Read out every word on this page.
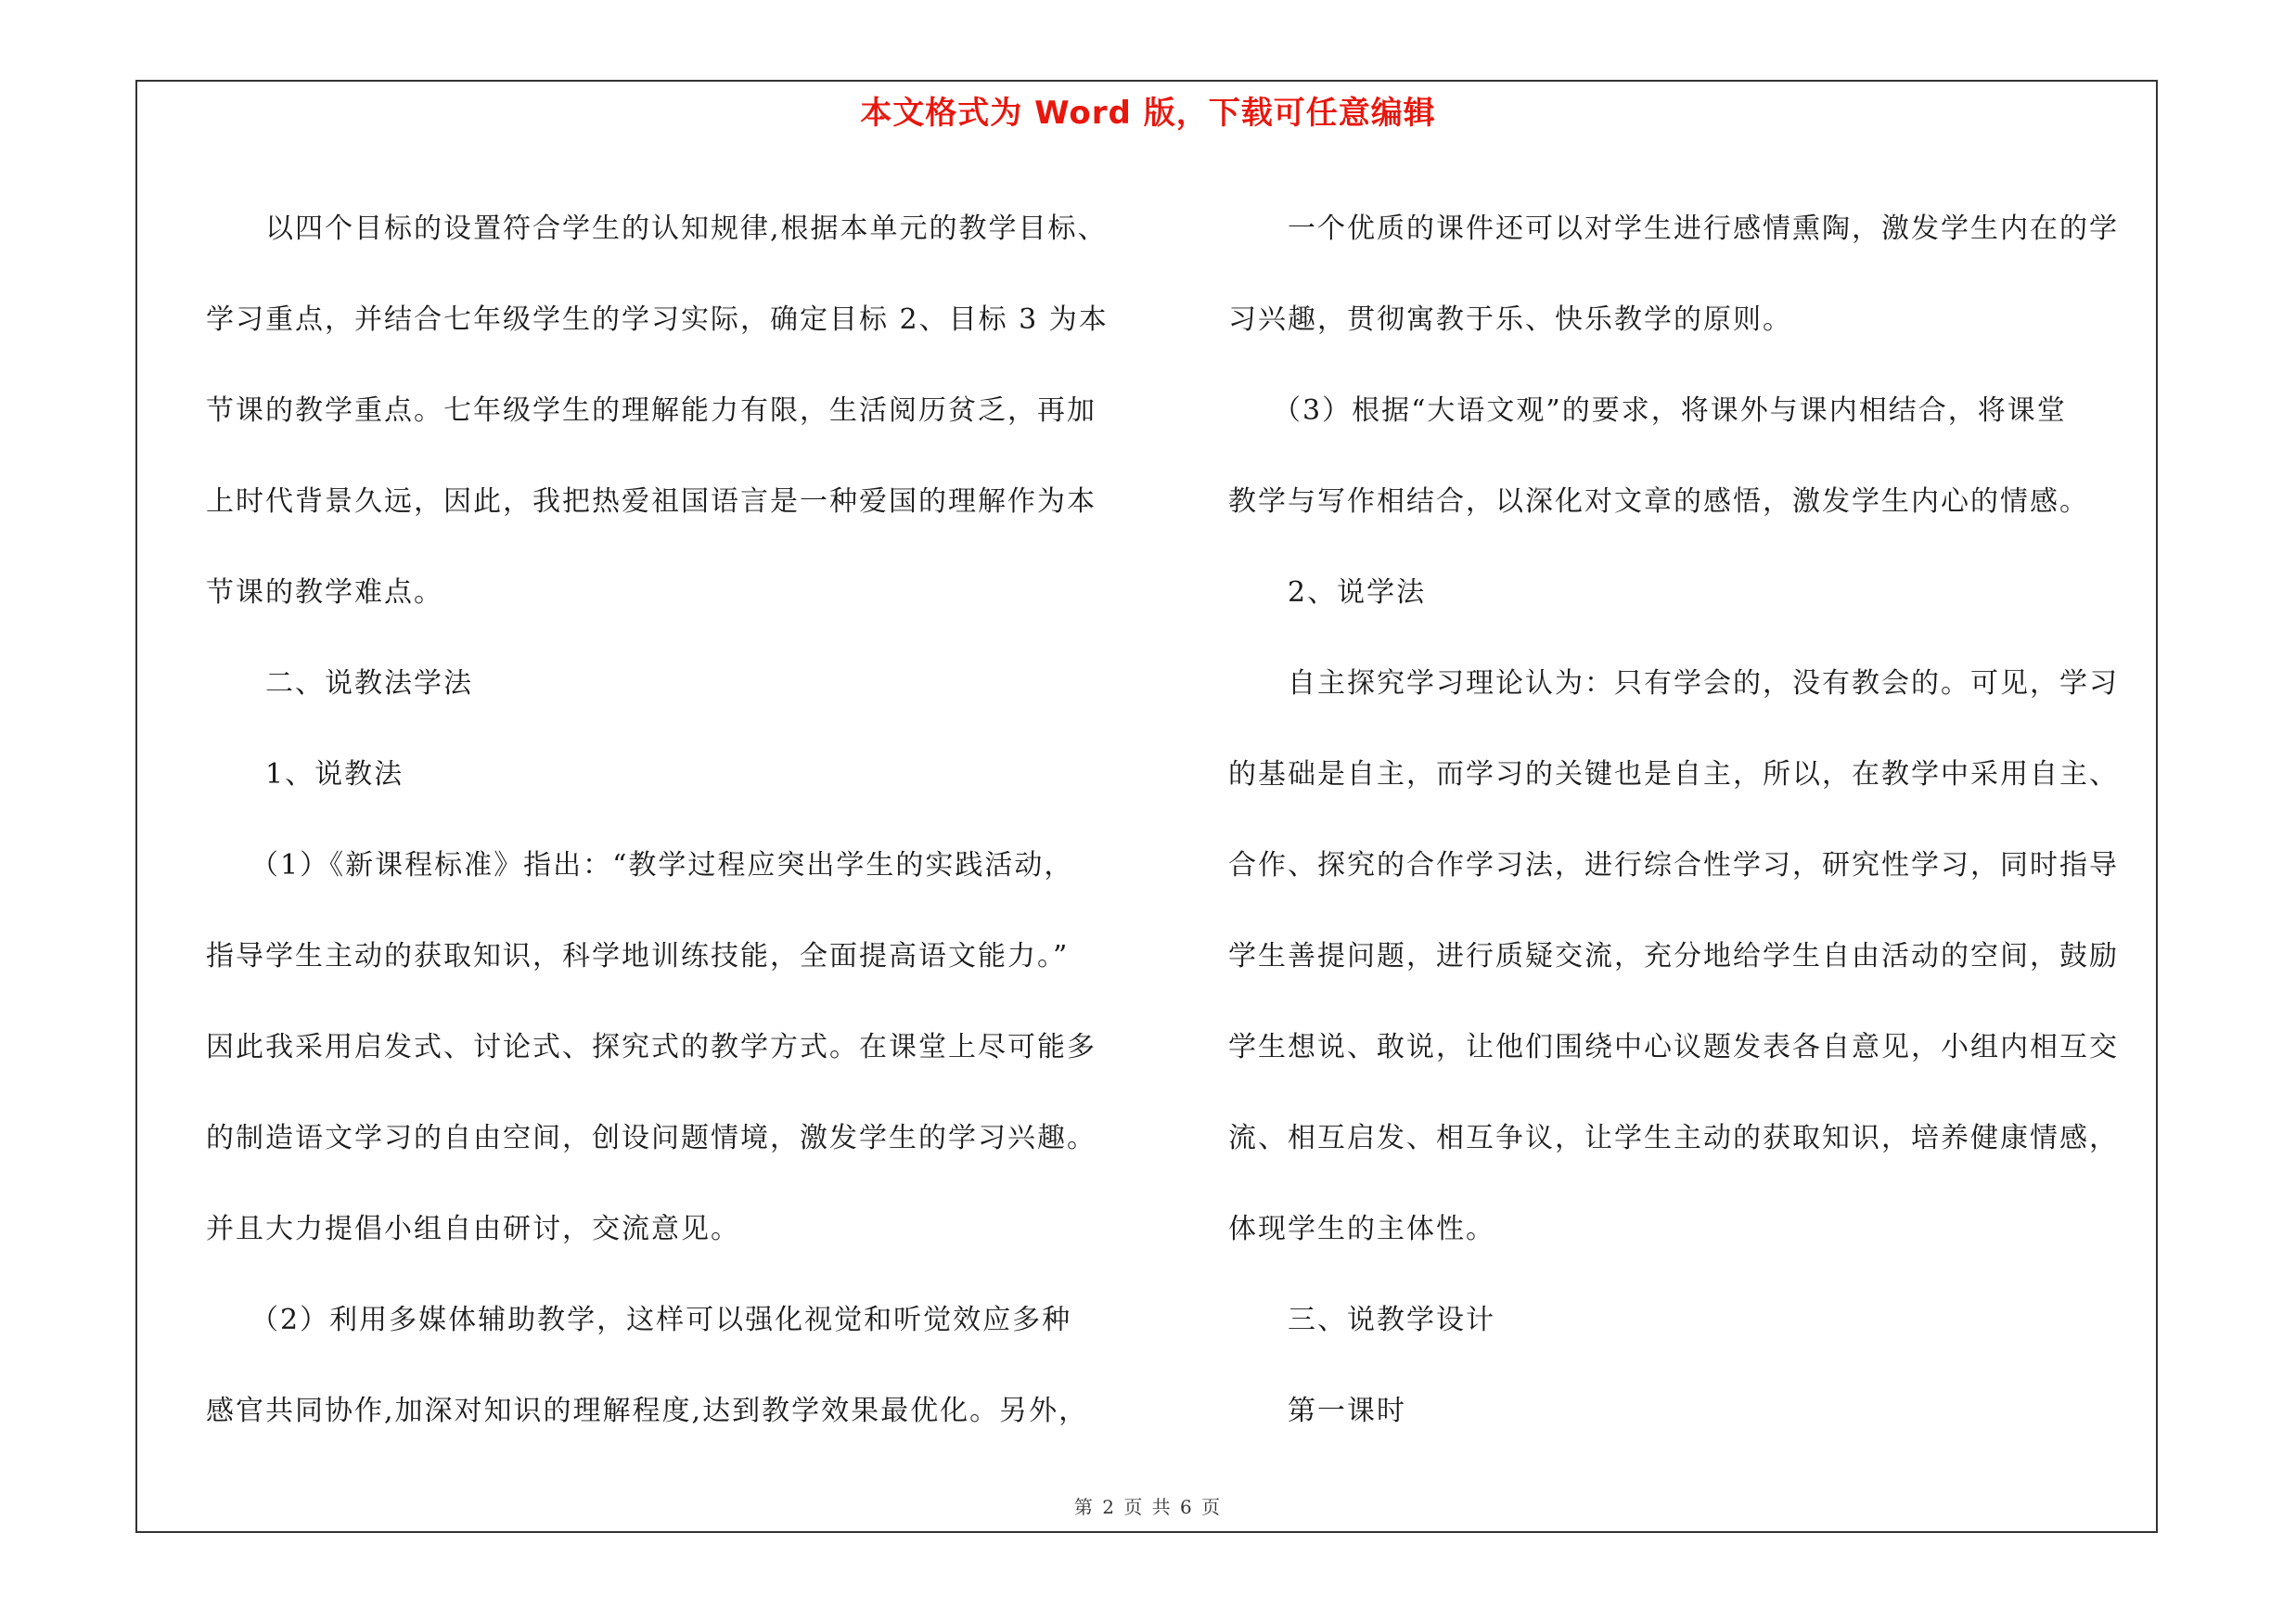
本文格式为 Word 版，下载可任意编辑
以四个目标的设置符合学生的认知规律,根据本单元的教学目标、
学习重点，并结合七年级学生的学习实际，确定目标 2、目标 3 为本
节课的教学重点。七年级学生的理解能力有限，生活阅历贫乏，再加
上时代背景久远，因此，我把热爱祖国语言是一种爱国的理解作为本
节课的教学难点。
二、说教法学法
1、说教法
（1）《新课程标准》指出：“教学过程应突出学生的实践活动，
指导学生主动的获取知识，科学地训练技能，全面提高语文能力。”
因此我采用启发式、讨论式、探究式的教学方式。在课堂上尽可能多
的制造语文学习的自由空间，创设问题情境，激发学生的学习兴趣。
并且大力提倡小组自由研讨，交流意见。
（2）利用多媒体辅助教学，这样可以强化视觉和听觉效应多种
感官共同协作,加深对知识的理解程度,达到教学效果最优化。另外，
一个优质的课件还可以对学生进行感情熏陶，激发学生内在的学
习兴趣，贯彻寓教于乐、快乐教学的原则。
（3）根据“大语文观”的要求，将课外与课内相结合，将课堂
教学与写作相结合，以深化对文章的感悟，激发学生内心的情感。
2、说学法
自主探究学习理论认为：只有学会的，没有教会的。可见，学习
的基础是自主，而学习的关键也是自主，所以，在教学中采用自主、
合作、探究的合作学习法，进行综合性学习，研究性学习，同时指导
学生善提问题，进行质疑交流，充分地给学生自由活动的空间，鼓励
学生想说、敢说，让他们围绕中心议题发表各自意见，小组内相互交
流、相互启发、相互争议，让学生主动的获取知识，培养健康情感，
体现学生的主体性。
三、说教学设计
第一课时
第 2 页 共 6 页
